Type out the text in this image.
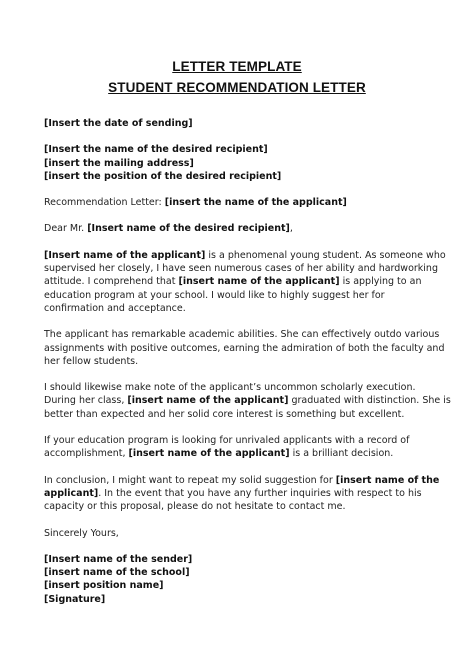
LETTER TEMPLATE
STUDENT RECOMMENDATION LETTER

[Insert the date of sending]

[Insert the name of the desired recipient]
[insert the mailing address]
[insert the position of the desired recipient]

Recommendation Letter: [insert the name of the applicant]

Dear Mr. [Insert name of the desired recipient],

[Insert name of the applicant] is a phenomenal young student. As someone who
supervised her closely, I have seen numerous cases of her ability and hardworking
attitude. I comprehend that [insert name of the applicant] is applying to an
education program at your school. I would like to highly suggest her for
confirmation and acceptance.

The applicant has remarkable academic abilities. She can effectively outdo various
assignments with positive outcomes, earning the admiration of both the faculty and
her fellow students.

I should likewise make note of the applicant’s uncommon scholarly execution.
During her class, [insert name of the applicant] graduated with distinction. She is
better than expected and her solid core interest is something but excellent.

If your education program is looking for unrivaled applicants with a record of
accomplishment, [insert name of the applicant] is a brilliant decision.

In conclusion, I might want to repeat my solid suggestion for [insert name of the
applicant]. In the event that you have any further inquiries with respect to his
capacity or this proposal, please do not hesitate to contact me.

Sincerely Yours,

[Insert name of the sender]
[insert name of the school]
[insert position name]
[Signature]
